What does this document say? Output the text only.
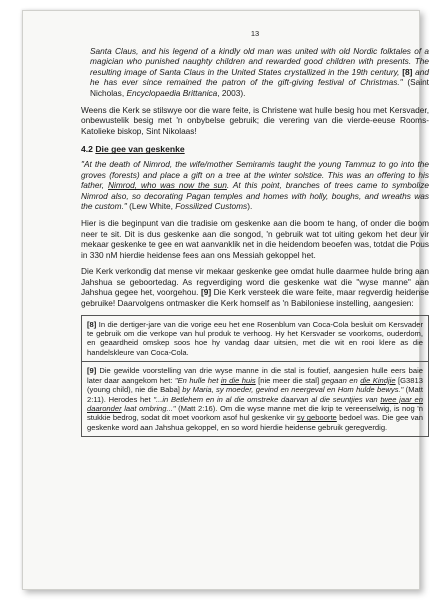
13

Santa Claus, and his legend of a kindly old man was united with old Nordic folktales of a magician who punished naughty children and rewarded good children with presents. The resulting image of Santa Claus in the United States crystallized in the 19th century, [8] and he has ever since remained the patron of the gift-giving festival of Christmas." (Saint Nicholas, Encyclopaedia Brittanica, 2003).

Weens die Kerk se stilswye oor die ware feite, is Christene wat hulle besig hou met Kersvader, onbewustelik besig met 'n onbybelse gebruik; die verering van die vierde-eeuse Rooms-Katolieke biskop, Sint Nikolaas!

4.2 Die gee van geskenke

"At the death of Nimrod, the wife/mother Semiramis taught the young Tammuz to go into the groves (forests) and place a gift on a tree at the winter solstice. This was an offering to his father, Nimrod, who was now the sun. At this point, branches of trees came to symbolize Nimrod also, so decorating Pagan temples and homes with holly, boughs, and wreaths was the custom." (Lew White, Fossilized Customs).

Hier is die beginpunt van die tradisie om geskenke aan die boom te hang, of onder die boom neer te sit. Dit is dus geskenke aan die songod, 'n gebruik wat tot uiting gekom het deur vir mekaar geskenke te gee en wat aanvanklik net in die heidendom beoefen was, totdat die Pous in 330 nM hierdie heidense fees aan ons Messiah gekoppel het.

Die Kerk verkondig dat mense vir mekaar geskenke gee omdat hulle daarmee hulde bring aan Jahshua se geboortedag. As regverdiging word die geskenke wat die "wyse manne" aan Jahshua gegee het, voorgehou. [9] Die Kerk versteek die ware feite, maar regverdig heidense gebruike! Daarvolgens ontmasker die Kerk homself as 'n Babiloniese instelling, aangesien:

[8] In die dertiger-jare van die vorige eeu het ene Rosenblum van Coca-Cola besluit om Kersvader te gebruik om die verkope van hul produk te verhoog. Hy het Kersvader se voorkoms, ouderdom, en geaardheid omskep soos hoe hy vandag daar uitsien, met die wit en rooi klere as die handelskleure van Coca-Cola.

[9] Die gewilde voorstelling van drie wyse manne in die stal is foutief, aangesien hulle eers baie later daar aangekom het: "En hulle het in die huis [nie meer die stal] gegaan en die Kindjie [G3813 (young child), nie die Baba] by Maria, sy moeder, gevind en neergeval en Hom hulde bewys." (Matt 2:11). Herodes het "...in Betlehem en in al die omstreke daarvan al die seuntjies van twee jaar en daaronder laat ombring..." (Matt 2:16). Om die wyse manne met die krip te vereenselwig, is nog 'n stukkie bedrog, sodat dit moet voorkom asof hul geskenke vir sy geboorte bedoel was. Die gee van geskenke word aan Jahshua gekoppel, en so word hierdie heidense gebruik geregverdig.
